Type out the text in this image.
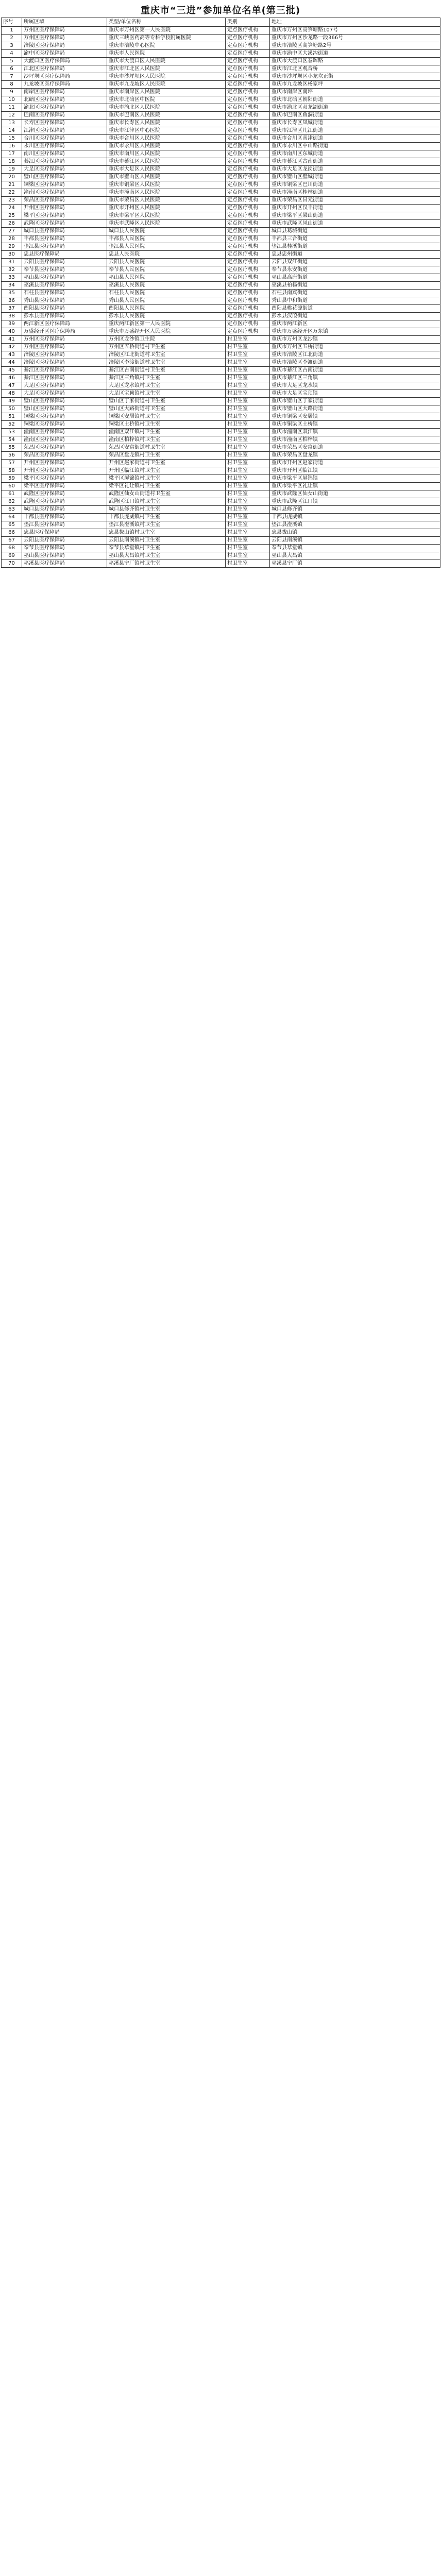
重庆市“三进”参加单位名单(第三批)
序号	所属区域	类型/单位名称	类别	地址
1	万州区医疗保障局	重庆市万州区第一人民医院	定点医疗机构	重庆市万州区高笋塘路107号
2	万州区医疗保障局	重庆三峡医药高等专科学校附属医院	定点医疗机构	重庆市万州区沙龙路一段366号
3	涪陵区医疗保障局	重庆市涪陵中心医院	定点医疗机构	重庆市涪陵区高笋塘路2号
4	渝中区医疗保障局	重庆市人民医院	定点医疗机构	重庆市渝中区大溪沟街道
5	大渡口区医疗保障局	重庆市大渡口区人民医院	定点医疗机构	重庆市大渡口区春晖路
6	江北区医疗保障局	重庆市江北区人民医院	定点医疗机构	重庆市江北区观音桥
7	沙坪坝区医疗保障局	重庆市沙坪坝区人民医院	定点医疗机构	重庆市沙坪坝区小龙坎正街
8	九龙坡区医疗保障局	重庆市九龙坡区人民医院	定点医疗机构	重庆市九龙坡区杨家坪
9	南岸区医疗保障局	重庆市南岸区人民医院	定点医疗机构	重庆市南岸区南坪
10	北碚区医疗保障局	重庆市北碚区中医院	定点医疗机构	重庆市北碚区朝阳街道
11	渝北区医疗保障局	重庆市渝北区人民医院	定点医疗机构	重庆市渝北区双龙湖街道
12	巴南区医疗保障局	重庆市巴南区人民医院	定点医疗机构	重庆市巴南区鱼洞街道
13	长寿区医疗保障局	重庆市长寿区人民医院	定点医疗机构	重庆市长寿区凤城街道
14	江津区医疗保障局	重庆市江津区中心医院	定点医疗机构	重庆市江津区几江街道
15	合川区医疗保障局	重庆市合川区人民医院	定点医疗机构	重庆市合川区南津街道
16	永川区医疗保障局	重庆市永川区人民医院	定点医疗机构	重庆市永川区中山路街道
17	南川区医疗保障局	重庆市南川区人民医院	定点医疗机构	重庆市南川区东城街道
18	綦江区医疗保障局	重庆市綦江区人民医院	定点医疗机构	重庆市綦江区古南街道
19	大足区医疗保障局	重庆市大足区人民医院	定点医疗机构	重庆市大足区龙岗街道
20	璧山区医疗保障局	重庆市璧山区人民医院	定点医疗机构	重庆市璧山区璧城街道
21	铜梁区医疗保障局	重庆市铜梁区人民医院	定点医疗机构	重庆市铜梁区巴川街道
22	潼南区医疗保障局	重庆市潼南区人民医院	定点医疗机构	重庆市潼南区桂林街道
23	荣昌区医疗保障局	重庆市荣昌区人民医院	定点医疗机构	重庆市荣昌区昌元街道
24	开州区医疗保障局	重庆市开州区人民医院	定点医疗机构	重庆市开州区汉丰街道
25	梁平区医疗保障局	重庆市梁平区人民医院	定点医疗机构	重庆市梁平区梁山街道
26	武隆区医疗保障局	重庆市武隆区人民医院	定点医疗机构	重庆市武隆区凤山街道
27	城口县医疗保障局	城口县人民医院	定点医疗机构	城口县葛城街道
28	丰都县医疗保障局	丰都县人民医院	定点医疗机构	丰都县三合街道
29	垫江县医疗保障局	垫江县人民医院	定点医疗机构	垫江县桂溪街道
30	忠县医疗保障局	忠县人民医院	定点医疗机构	忠县忠州街道
31	云阳县医疗保障局	云阳县人民医院	定点医疗机构	云阳县双江街道
32	奉节县医疗保障局	奉节县人民医院	定点医疗机构	奉节县永安街道
33	巫山县医疗保障局	巫山县人民医院	定点医疗机构	巫山县高唐街道
34	巫溪县医疗保障局	巫溪县人民医院	定点医疗机构	巫溪县柏杨街道
35	石柱县医疗保障局	石柱县人民医院	定点医疗机构	石柱县南宾街道
36	秀山县医疗保障局	秀山县人民医院	定点医疗机构	秀山县中和街道
37	酉阳县医疗保障局	酉阳县人民医院	定点医疗机构	酉阳县桃花源街道
38	彭水县医疗保障局	彭水县人民医院	定点医疗机构	彭水县汉葭街道
39	两江新区医疗保障局	重庆两江新区第一人民医院	定点医疗机构	重庆市两江新区
40	万盛经开区医疗保障局	重庆市万盛经开区人民医院	定点医疗机构	重庆市万盛经开区万东镇
41	万州区医疗保障局	万州区龙沙镇卫生院	村卫生室	重庆市万州区龙沙镇
42	万州区医疗保障局	万州区五桥街道村卫生室	村卫生室	重庆市万州区五桥街道
43	涪陵区医疗保障局	涪陵区江北街道村卫生室	村卫生室	重庆市涪陵区江北街道
44	涪陵区医疗保障局	涪陵区李渡街道村卫生室	村卫生室	重庆市涪陵区李渡街道
45	綦江区医疗保障局	綦江区古南街道村卫生室	村卫生室	重庆市綦江区古南街道
46	綦江区医疗保障局	綦江区三角镇村卫生室	村卫生室	重庆市綦江区三角镇
47	大足区医疗保障局	大足区龙水镇村卫生室	村卫生室	重庆市大足区龙水镇
48	大足区医疗保障局	大足区宝顶镇村卫生室	村卫生室	重庆市大足区宝顶镇
49	璧山区医疗保障局	璧山区丁家街道村卫生室	村卫生室	重庆市璧山区丁家街道
50	璧山区医疗保障局	璧山区大路街道村卫生室	村卫生室	重庆市璧山区大路街道
51	铜梁区医疗保障局	铜梁区安居镇村卫生室	村卫生室	重庆市铜梁区安居镇
52	铜梁区医疗保障局	铜梁区土桥镇村卫生室	村卫生室	重庆市铜梁区土桥镇
53	潼南区医疗保障局	潼南区双江镇村卫生室	村卫生室	重庆市潼南区双江镇
54	潼南区医疗保障局	潼南区柏梓镇村卫生室	村卫生室	重庆市潼南区柏梓镇
55	荣昌区医疗保障局	荣昌区安富街道村卫生室	村卫生室	重庆市荣昌区安富街道
56	荣昌区医疗保障局	荣昌区盘龙镇村卫生室	村卫生室	重庆市荣昌区盘龙镇
57	开州区医疗保障局	开州区赵家街道村卫生室	村卫生室	重庆市开州区赵家街道
58	开州区医疗保障局	开州区临江镇村卫生室	村卫生室	重庆市开州区临江镇
59	梁平区医疗保障局	梁平区屏锦镇村卫生室	村卫生室	重庆市梁平区屏锦镇
60	梁平区医疗保障局	梁平区礼让镇村卫生室	村卫生室	重庆市梁平区礼让镇
61	武隆区医疗保障局	武隆区仙女山街道村卫生室	村卫生室	重庆市武隆区仙女山街道
62	武隆区医疗保障局	武隆区江口镇村卫生室	村卫生室	重庆市武隆区江口镇
63	城口县医疗保障局	城口县修齐镇村卫生室	村卫生室	城口县修齐镇
64	丰都县医疗保障局	丰都县虎威镇村卫生室	村卫生室	丰都县虎威镇
65	垫江县医疗保障局	垫江县澄溪镇村卫生室	村卫生室	垫江县澄溪镇
66	忠县医疗保障局	忠县拔山镇村卫生室	村卫生室	忠县拔山镇
67	云阳县医疗保障局	云阳县南溪镇村卫生室	村卫生室	云阳县南溪镇
68	奉节县医疗保障局	奉节县草堂镇村卫生室	村卫生室	奉节县草堂镇
69	巫山县医疗保障局	巫山县大昌镇村卫生室	村卫生室	巫山县大昌镇
70	巫溪县医疗保障局	巫溪县宁厂镇村卫生室	村卫生室	巫溪县宁厂镇
